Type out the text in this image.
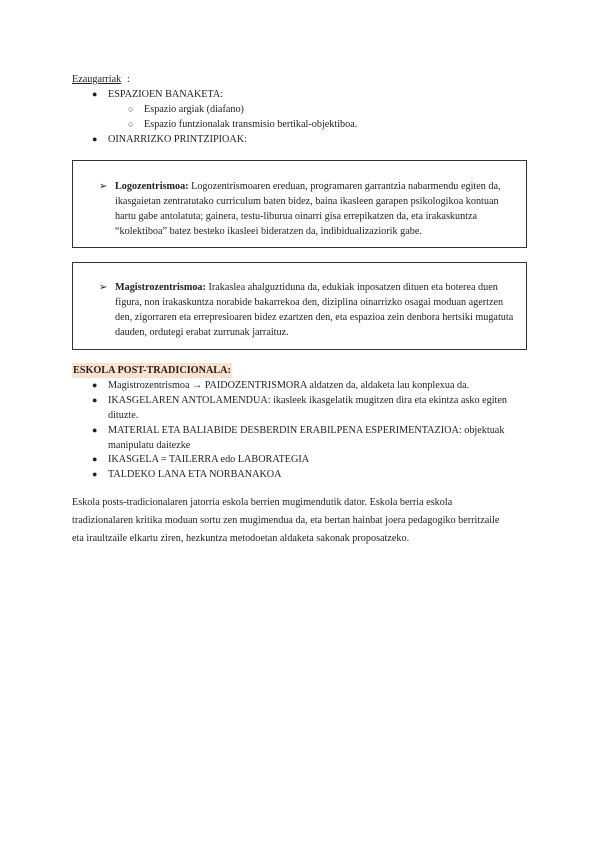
Ezaugarriak :
● ESPAZIOEN BANAKETA:
○ Espazio argiak (diafano)
○ Espazio funtzionalak transmisio bertikal-objektiboa.
● OINARRIZKO PRINTZIPIOAK:
➢ Logozentrismoa: Logozentrismoaren ereduan, programaren garrantzia nabarmendu egiten da, ikasgaietan zentratutako curriculum baten bidez, baina ikasleen garapen psikologikoa kontuan hartu gabe antolatuta; gainera, testu-liburua oinarri gisa errepikatzen da, eta irakaskuntza “kolektiboa” batez besteko ikasleei bideratzen da, indibidualizaziorik gabe.
➢ Magistrozentrismoa: Irakaslea ahalguztiduna da, edukiak inposatzen dituen eta boterea duen figura, non irakaskuntza norabide bakarrekoa den, diziplina oinarrizko osagai moduan agertzen den, zigorraren eta errepresioaren bidez ezartzen den, eta espazioa zein denbora hertsiki mugatuta dauden, ordutegi erabat zurrunak jarraituz.
ESKOLA POST-TRADICIONALA:
● Magistrozentrismoa → PAIDOZENTRISMORA aldatzen da, aldaketa lau konplexua da.
● IKASGELAREN ANTOLAMENDUA: ikasleek ikasgelatik mugitzen dira eta ekintza asko egiten dituzte.
● MATERIAL ETA BALIABIDE DESBERDIN ERABILPENA ESPERIMENTAZIOA: objektuak manipulatu daitezke
● IKASGELA = TAILERRA edo LABORATEGIA
● TALDEKO LANA ETA NORBANAKOA
Eskola posts-tradicionalaren jatorria eskola berrien mugimendutik dator. Eskola berria eskola tradizionalaren kritika moduan sortu zen mugimendua da, eta bertan hainbat joera pedagogiko berritzaile eta iraultzaile elkartu ziren, hezkuntza metodoetan aldaketa sakonak proposatzeko.
